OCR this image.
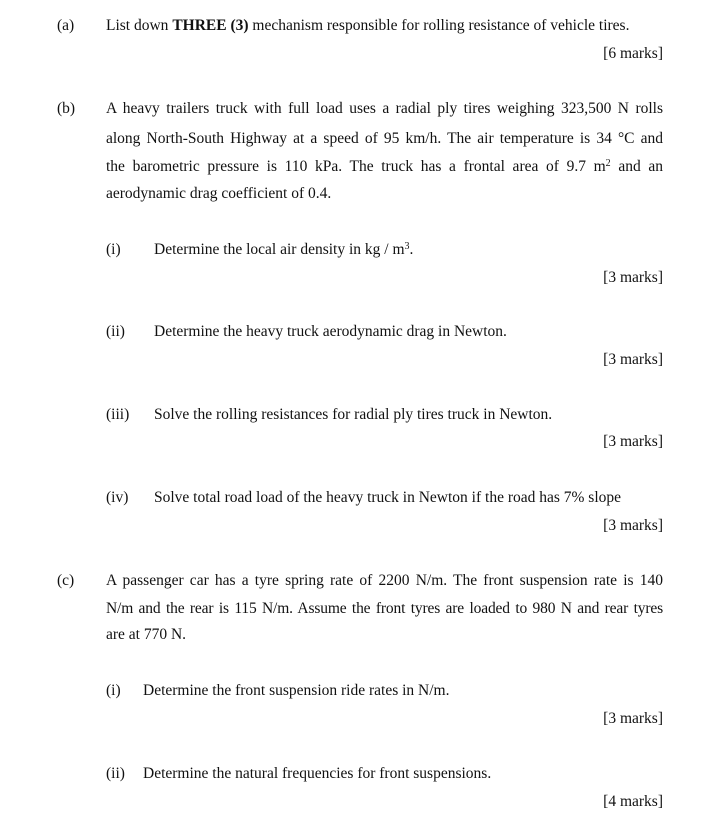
(a) List down THREE (3) mechanism responsible for rolling resistance of vehicle tires.
[6 marks]
(b) A heavy trailers truck with full load uses a radial ply tires weighing 323,500 N rolls
along North-South Highway at a speed of 95 km/h. The air temperature is 34 °C and
the barometric pressure is 110 kPa. The truck has a frontal area of 9.7 $m^2$ and an
aerodynamic drag coefficient of 0.4.
(i) Determine the local air density in kg / $m^3$.
[3 marks]
(ii) Determine the heavy truck aerodynamic drag in Newton.
[3 marks]
(iii) Solve the rolling resistances for radial ply tires truck in Newton.
[3 marks]
(iv) Solve total road load of the heavy truck in Newton if the road has 7% slope
[3 marks]
(c) A passenger car has a tyre spring rate of 2200 N/m. The front suspension rate is 140
N/m and the rear is 115 N/m. Assume the front tyres are loaded to 980 N and rear tyres
are at 770 N.
(i) Determine the front suspension ride rates in N/m.
[3 marks]
(ii) Determine the natural frequencies for front suspensions.
[4 marks]
